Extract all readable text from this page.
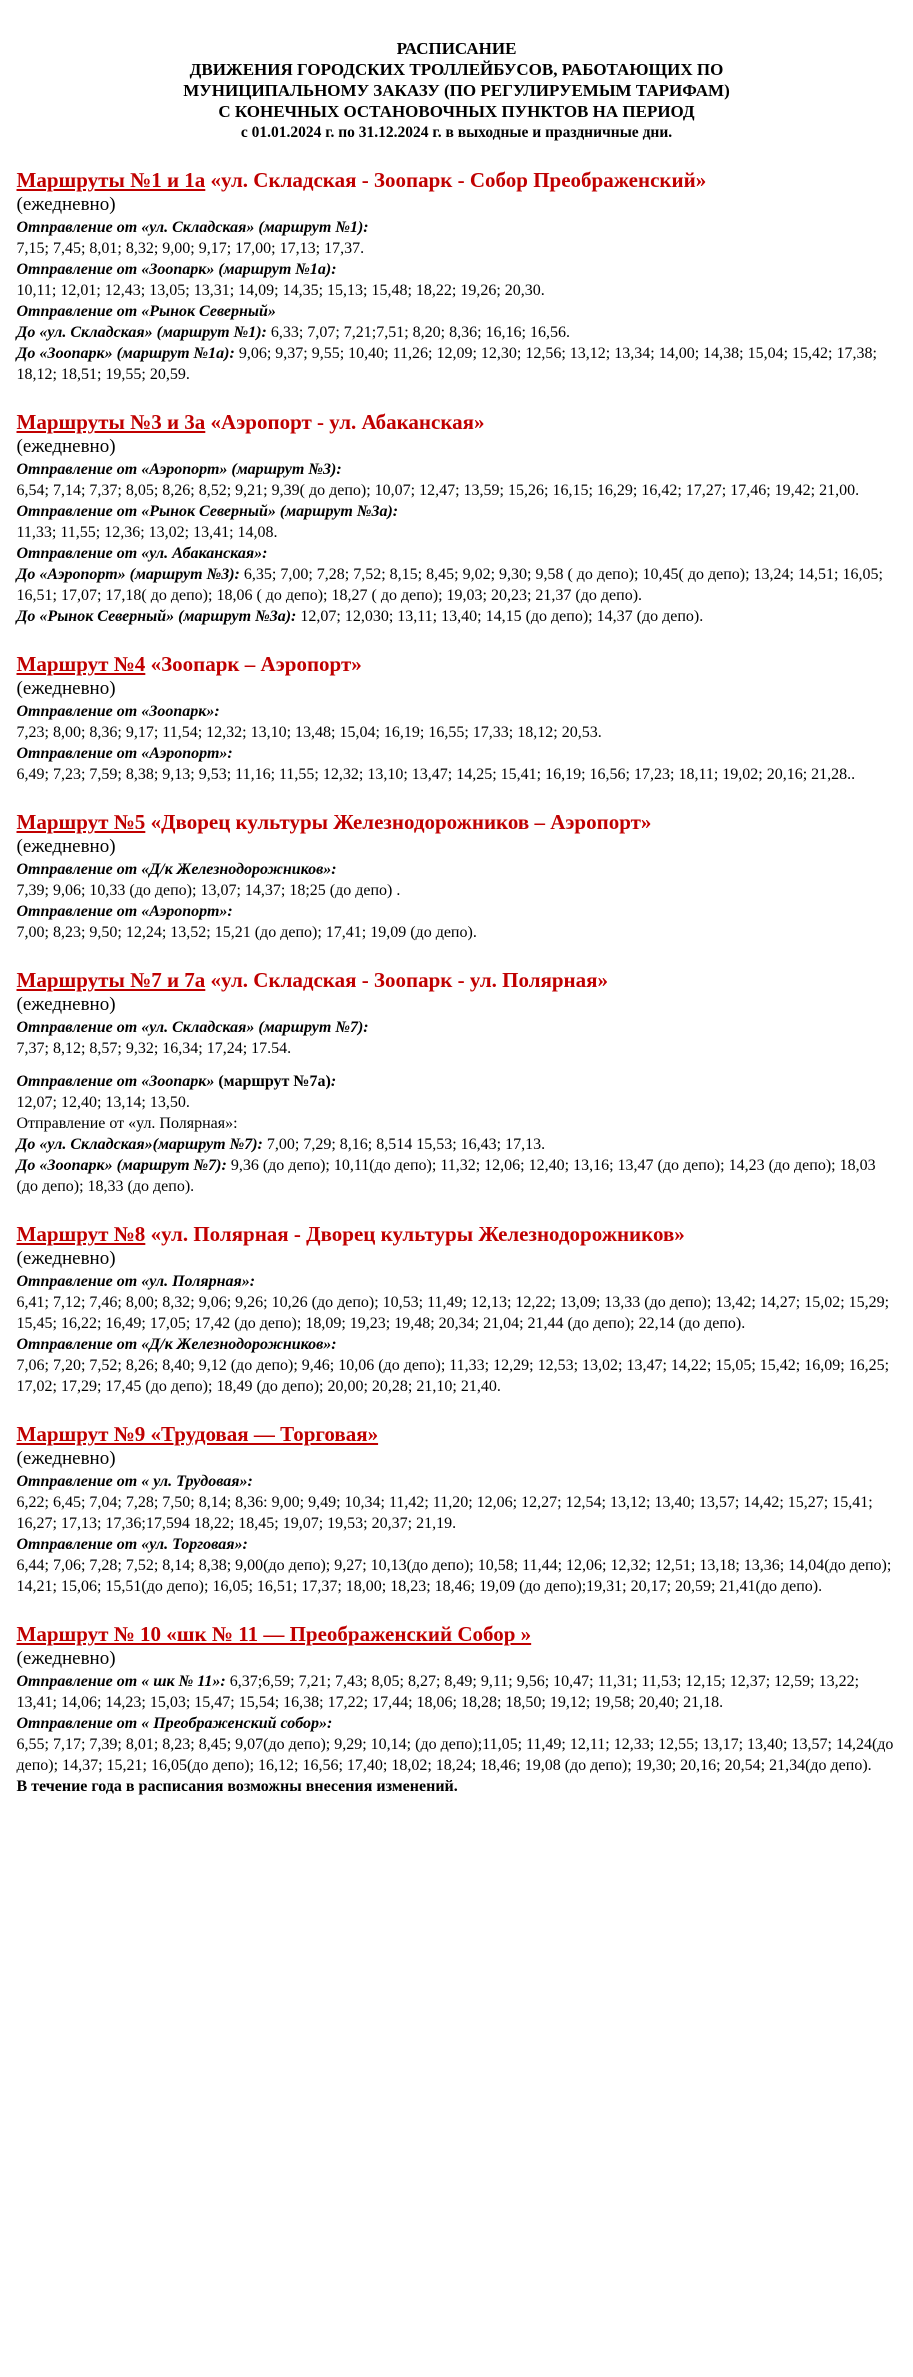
РАСПИСАНИЕ

ДВИЖЕНИЯ ГОРОДСКИХ ТРОЛЛЕЙБУСОВ, РАБОТАЮЩИХ ПО

МУНИЦИПАЛЬНОМУ ЗАКАЗУ (ПО РЕГУЛИРУЕМЫМ ТАРИФАМ)

С КОНЕЧНЫХ ОСТАНОВОЧНЫХ ПУНКТОВ НА ПЕРИОД

с 01.01.2024 г. по 31.12.2024 г. в выходные и праздничные дни.

Маршруты №1 и 1а «ул. Складская - Зоопарк - Собор Преображенский»

(ежедневно)

Отправление от «ул. Складская» (маршрут №1):

7,15; 7,45; 8,01; 8,32; 9,00; 9,17; 17,00; 17,13; 17,37.

Отправление от «Зоопарк» (маршрут №1а):

10,11; 12,01; 12,43; 13,05; 13,31; 14,09; 14,35; 15,13; 15,48; 18,22; 19,26; 20,30.

Отправление от «Рынок Северный»

До «ул. Складская» (маршрут №1): 6,33; 7,07; 7,21;7,51; 8,20; 8,36; 16,16; 16,56.

До «Зоопарк» (маршрут №1а): 9,06; 9,37; 9,55; 10,40; 11,26; 12,09; 12,30; 12,56; 13,12; 13,34; 14,00; 14,38; 15,04; 15,42; 17,38; 18,12; 18,51; 19,55; 20,59.

Маршруты №3 и 3а «Аэропорт - ул. Абаканская»

(ежедневно)

Отправление от «Аэропорт» (маршрут №3):

6,54; 7,14; 7,37; 8,05; 8,26; 8,52; 9,21; 9,39( до депо); 10,07; 12,47; 13,59; 15,26; 16,15; 16,29; 16,42; 17,27; 17,46; 19,42; 21,00.

Отправление от «Рынок Северный» (маршрут №3а):

11,33; 11,55; 12,36; 13,02; 13,41; 14,08.

Отправление от «ул. Абаканская»:

До «Аэропорт» (маршрут №3): 6,35; 7,00; 7,28; 7,52; 8,15; 8,45; 9,02; 9,30; 9,58 ( до депо); 10,45( до депо); 13,24; 14,51; 16,05; 16,51; 17,07; 17,18( до депо); 18,06 ( до депо); 18,27 ( до депо); 19,03; 20,23; 21,37 (до депо).

До «Рынок Северный» (маршрут №3а): 12,07; 12,030; 13,11; 13,40; 14,15 (до депо); 14,37 (до депо).

Маршрут №4 «Зоопарк – Аэропорт»

(ежедневно)

Отправление от «Зоопарк»:

7,23; 8,00; 8,36; 9,17; 11,54; 12,32; 13,10; 13,48; 15,04; 16,19; 16,55; 17,33; 18,12; 20,53.

Отправление от «Аэропорт»:

6,49; 7,23; 7,59; 8,38; 9,13; 9,53; 11,16; 11,55; 12,32; 13,10; 13,47; 14,25; 15,41; 16,19; 16,56; 17,23; 18,11; 19,02; 20,16; 21,28..

Маршрут №5 «Дворец культуры Железнодорожников – Аэропорт»

(ежедневно)

Отправление от «Д/к Железнодорожников»:

7,39; 9,06; 10,33 (до депо); 13,07; 14,37; 18;25 (до депо) .

Отправление от «Аэропорт»:

7,00; 8,23; 9,50; 12,24; 13,52; 15,21 (до депо); 17,41; 19,09 (до депо).

Маршруты №7 и 7а «ул. Складская - Зоопарк - ул. Полярная»

(ежедневно)

Отправление от «ул. Складская» (маршрут №7):

7,37; 8,12; 8,57; 9,32; 16,34; 17,24; 17.54.

Отправление от «Зоопарк» (маршрут №7а):

12,07; 12,40; 13,14; 13,50.

Отправление от «ул. Полярная»:

До «ул. Складская»(маршрут №7): 7,00; 7,29; 8,16; 8,514 15,53; 16,43; 17,13.

До «Зоопарк» (маршрут №7): 9,36 (до депо); 10,11(до депо); 11,32; 12,06; 12,40; 13,16; 13,47 (до депо); 14,23 (до депо); 18,03 (до депо); 18,33 (до депо).

Маршрут №8 «ул. Полярная - Дворец культуры Железнодорожников»

(ежедневно)

Отправление от «ул. Полярная»:

6,41; 7,12; 7,46; 8,00; 8,32; 9,06; 9,26; 10,26 (до депо); 10,53; 11,49; 12,13; 12,22; 13,09; 13,33 (до депо); 13,42; 14,27; 15,02; 15,29; 15,45; 16,22; 16,49; 17,05; 17,42 (до депо); 18,09; 19,23; 19,48; 20,34; 21,04; 21,44 (до депо); 22,14 (до депо).

Отправление от «Д/к Железнодорожников»:

7,06; 7,20; 7,52; 8,26; 8,40; 9,12 (до депо); 9,46; 10,06 (до депо); 11,33; 12,29; 12,53; 13,02; 13,47; 14,22; 15,05; 15,42; 16,09; 16,25; 17,02; 17,29; 17,45 (до депо); 18,49 (до депо); 20,00; 20,28; 21,10; 21,40.

Маршрут №9 «Трудовая — Торговая»

(ежедневно)

Отправление от « ул. Трудовая»:

6,22; 6,45; 7,04; 7,28; 7,50; 8,14; 8,36: 9,00; 9,49; 10,34; 11,42; 11,20; 12,06; 12,27; 12,54; 13,12; 13,40; 13,57; 14,42; 15,27; 15,41; 16,27; 17,13; 17,36;17,594 18,22; 18,45; 19,07; 19,53; 20,37; 21,19.

Отправление от «ул. Торговая»:

6,44; 7,06; 7,28; 7,52; 8,14; 8,38; 9,00(до депо); 9,27; 10,13(до депо); 10,58; 11,44; 12,06; 12,32; 12,51; 13,18; 13,36; 14,04(до депо); 14,21; 15,06; 15,51(до депо); 16,05; 16,51; 17,37; 18,00; 18,23; 18,46; 19,09 (до депо);19,31; 20,17; 20,59; 21,41(до депо).

Маршрут № 10 «шк № 11 — Преображенский Собор »

(ежедневно)

Отправление от « шк № 11»: 6,37;6,59; 7,21; 7,43; 8,05; 8,27; 8,49; 9,11; 9,56; 10,47; 11,31; 11,53; 12,15; 12,37; 12,59; 13,22; 13,41; 14,06; 14,23; 15,03; 15,47; 15,54; 16,38; 17,22; 17,44; 18,06; 18,28; 18,50; 19,12; 19,58; 20,40; 21,18.

Отправление от « Преображенский собор»:

6,55; 7,17; 7,39; 8,01; 8,23; 8,45; 9,07(до депо); 9,29; 10,14; (до депо);11,05; 11,49; 12,11; 12,33; 12,55; 13,17; 13,40; 13,57; 14,24(до депо); 14,37; 15,21; 16,05(до депо); 16,12; 16,56; 17,40; 18,02; 18,24; 18,46; 19,08 (до депо); 19,30; 20,16; 20,54; 21,34(до депо).

В течение года в расписания возможны внесения изменений.
